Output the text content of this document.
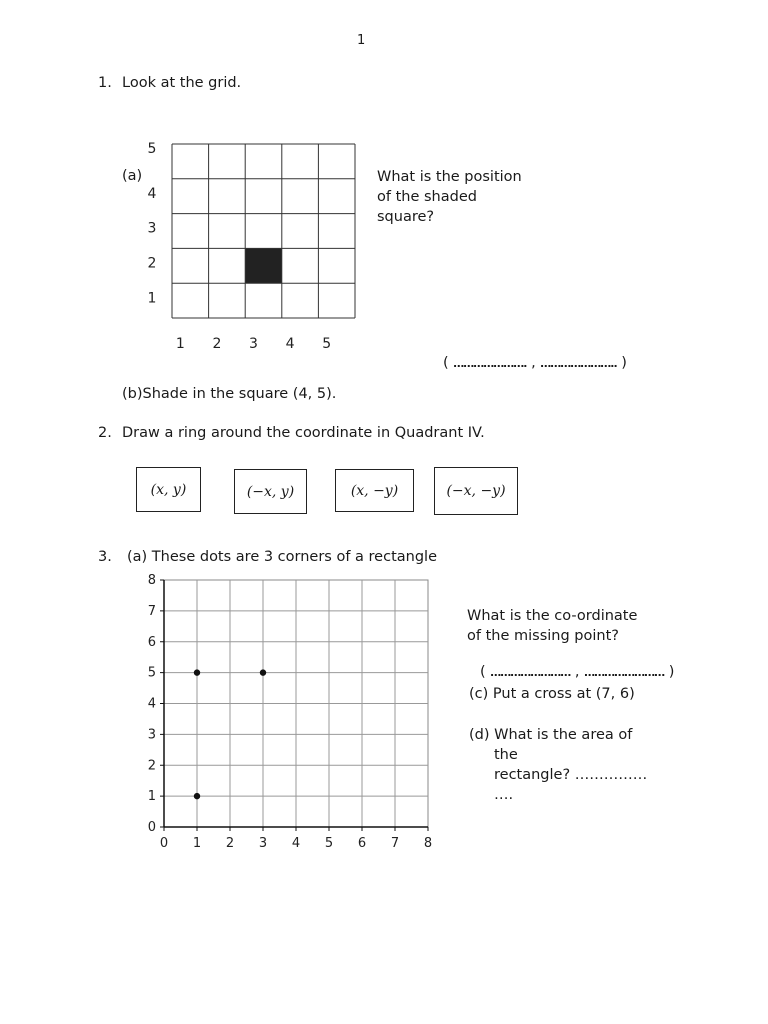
1
1. Look at the grid.
(a)
1 2 3 4 5
1
2
3
4
5
What is the position
of the shaded
square?
( …………………. , ………………….. )
(b)Shade in the square (4, 5).
2. Draw a ring around the coordinate in Quadrant IV.
(x, y)	(−x, y)	(x, −y)	(−x, −y)
3. (a) These dots are 3 corners of a rectangle
0 1 2 3 4 5 6 7 8
0
1
2
3
4
5
6
7
8
What is the co-ordinate
of the missing point?
( …………………… , …………………… )
(c) Put a cross at (7, 6)
(d) What is the area of
the
rectangle? ……………
….
